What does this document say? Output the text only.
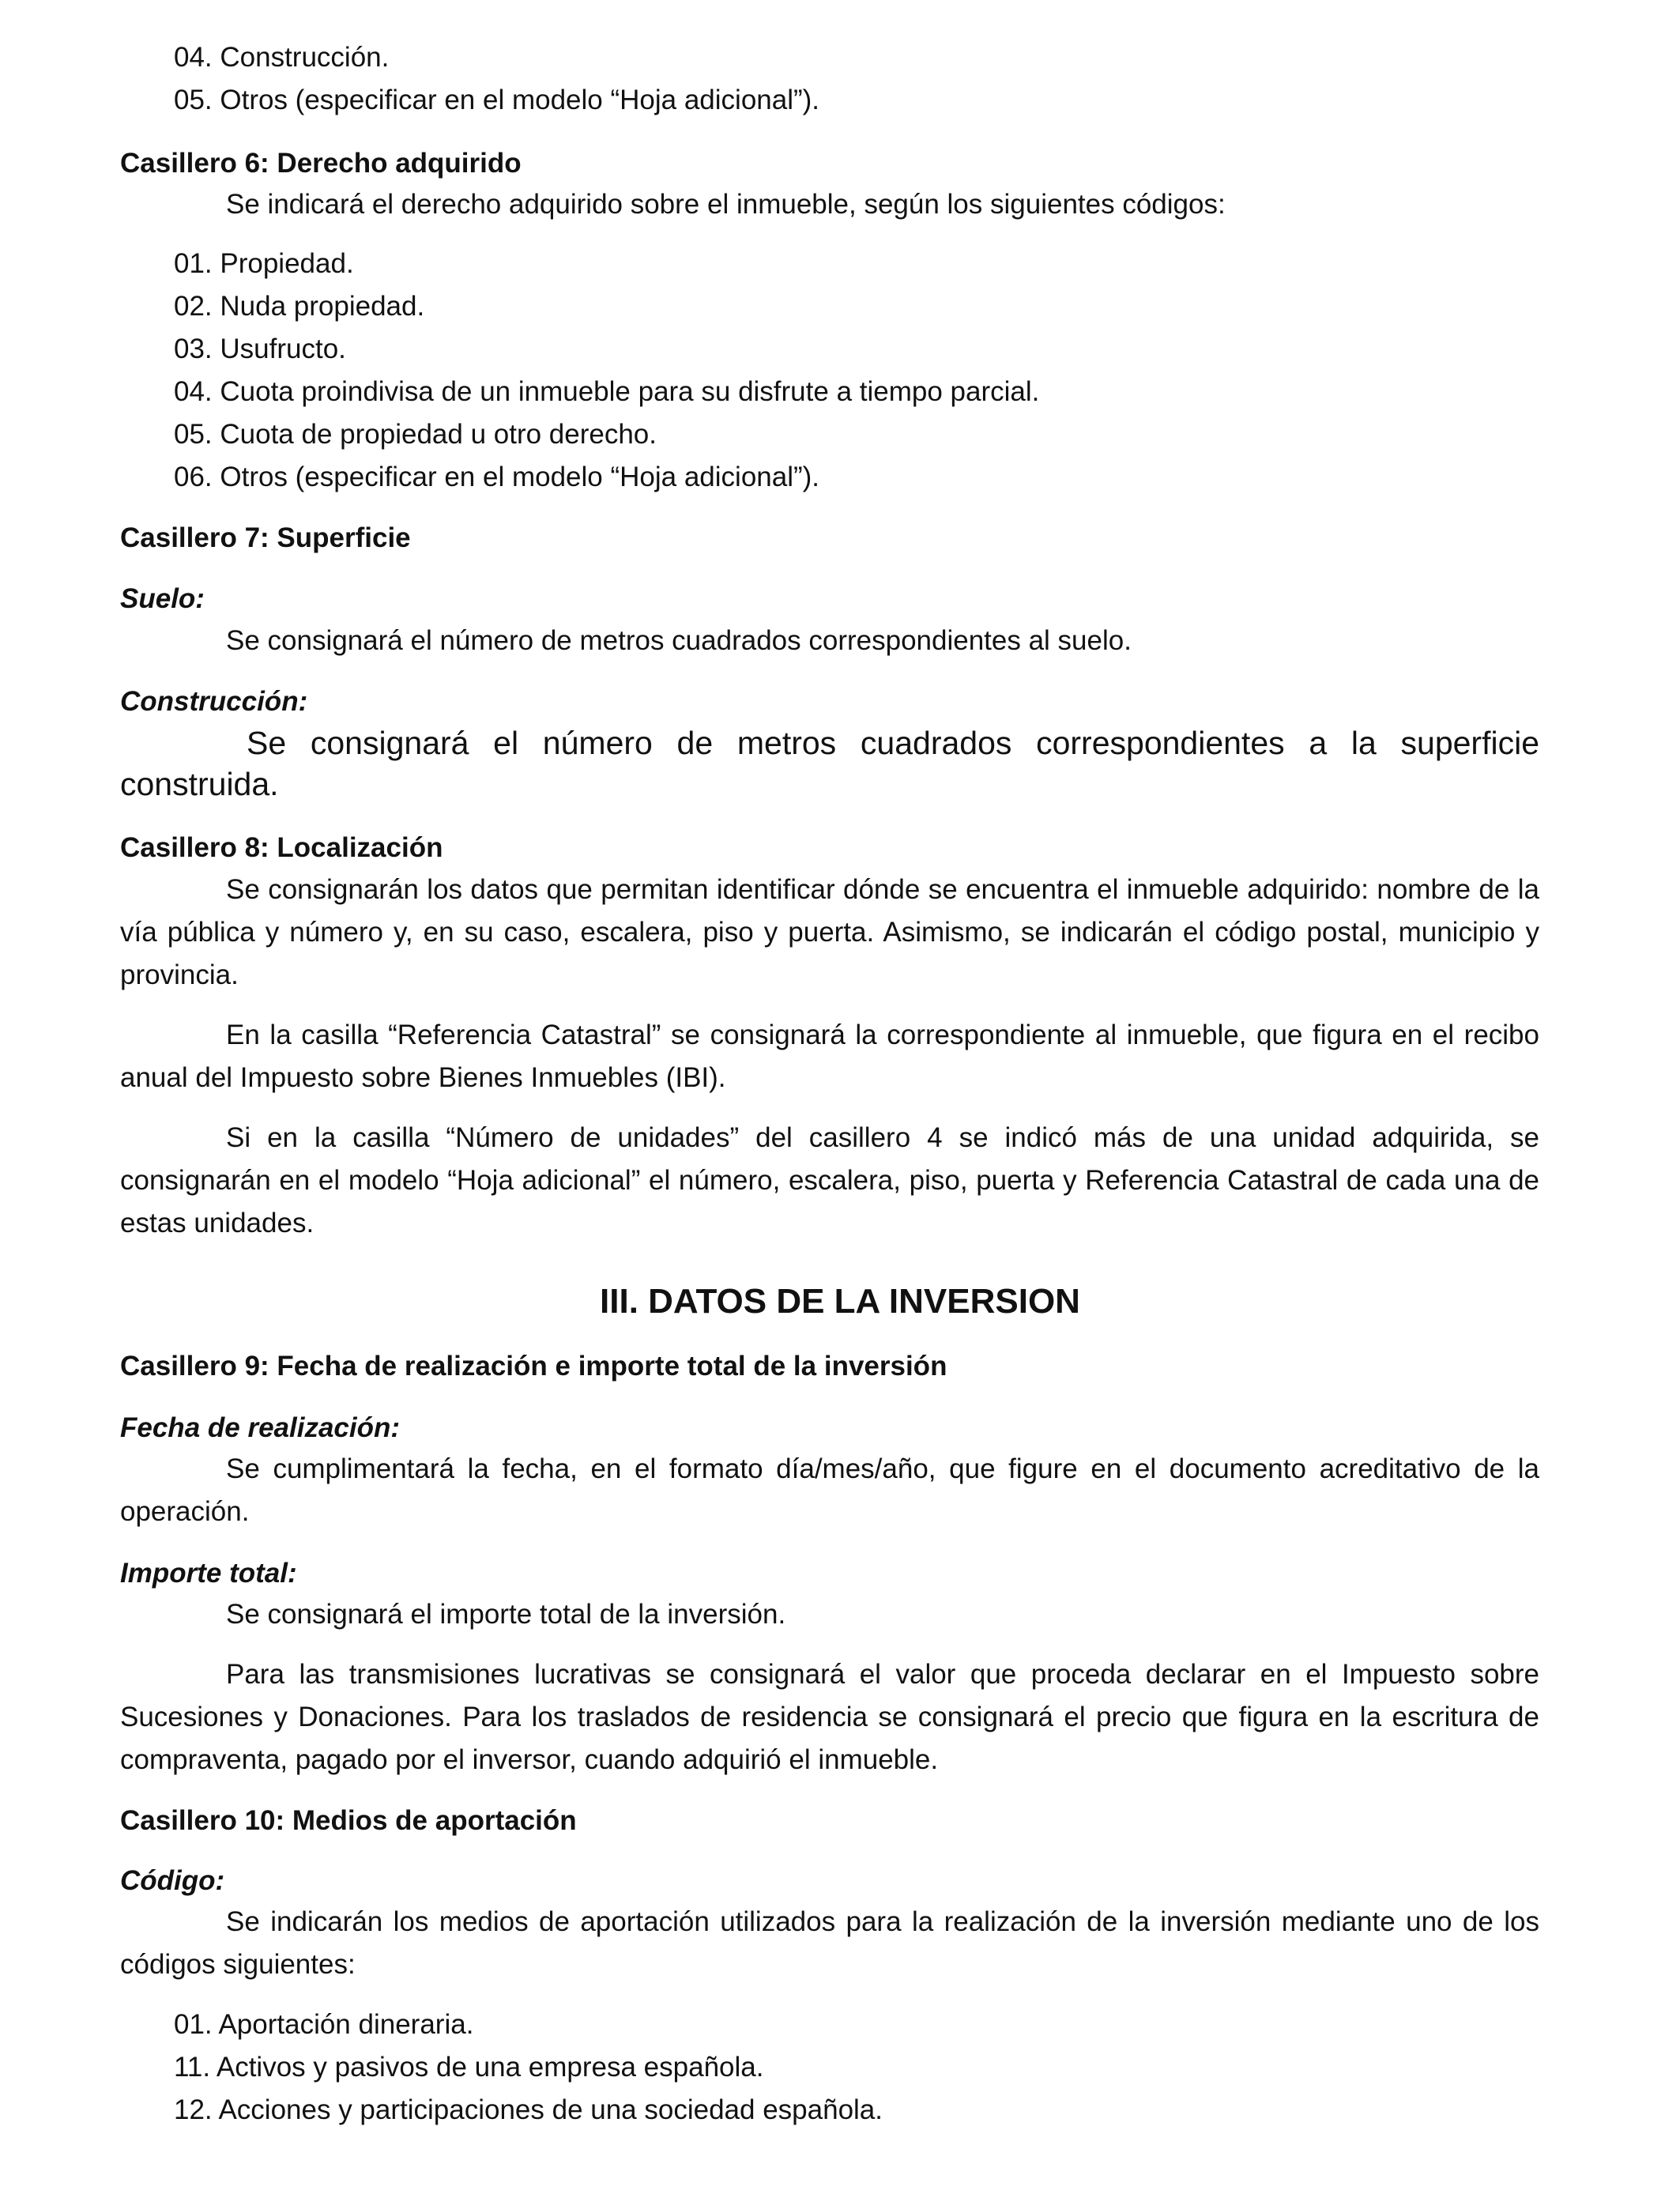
04. Construcción.
05. Otros (especificar en el modelo “Hoja adicional”).
Casillero 6: Derecho adquirido
Se indicará el derecho adquirido sobre el inmueble, según los siguientes códigos:
01. Propiedad.
02. Nuda propiedad.
03. Usufructo.
04. Cuota proindivisa de un inmueble para su disfrute a tiempo parcial.
05. Cuota de propiedad u otro derecho.
06. Otros (especificar en el modelo “Hoja adicional”).
Casillero 7: Superficie
Suelo:
Se consignará el número de metros cuadrados correspondientes al suelo.
Construcción:

Se consignará el número de metros cuadrados correspondientes a la superficie construida.

Casillero 8: Localización

Se consignarán los datos que permitan identificar dónde se encuentra el inmueble adquirido: nombre de la vía pública y número y, en su caso, escalera, piso y puerta. Asimismo, se indicarán el código postal, municipio y provincia.

En la casilla “Referencia Catastral” se consignará la correspondiente al inmueble, que figura en el recibo anual del Impuesto sobre Bienes Inmuebles (IBI).

Si en la casilla “Número de unidades” del casillero 4 se indicó más de una unidad adquirida, se consignarán en el modelo “Hoja adicional” el número, escalera, piso, puerta y Referencia Catastral de cada una de estas unidades.

III. DATOS DE LA INVERSION
Casillero 9: Fecha de realización e importe total de la inversión
Fecha de realización:

Se cumplimentará la fecha, en el formato día/mes/año, que figure en el documento acreditativo de la operación.

Importe total:
Se consignará el importe total de la inversión.

Para las transmisiones lucrativas se consignará el valor que proceda declarar en el Impuesto sobre Sucesiones y Donaciones. Para los traslados de residencia se consignará el precio que figura en la escritura de compraventa, pagado por el inversor, cuando adquirió el inmueble.

Casillero 10: Medios de aportación
Código:

Se indicarán los medios de aportación utilizados para la realización de la inversión mediante uno de los códigos siguientes:

01. Aportación dineraria.
11. Activos y pasivos de una empresa española.
12. Acciones y participaciones de una sociedad española.
